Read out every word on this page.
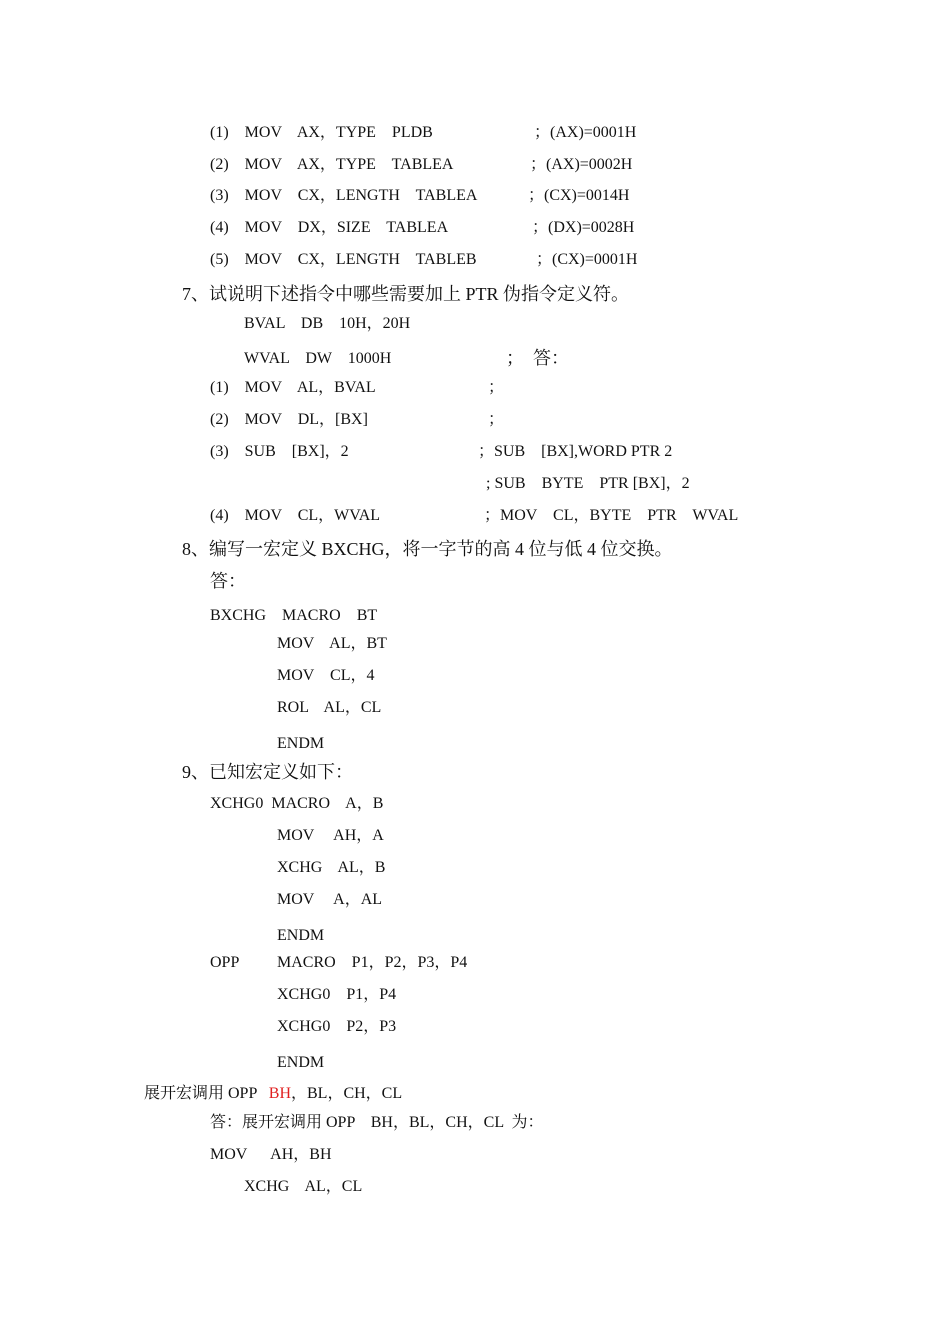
(1)    MOV    AX，TYPE    PLDB	；(AX)=0001H
(2)    MOV    AX，TYPE    TABLEA	；(AX)=0002H
(3)    MOV    CX，LENGTH    TABLEA	；(CX)=0014H
(4)    MOV    DX，SIZE    TABLEA	；(DX)=0028H
(5)    MOV    CX，LENGTH    TABLEB	；(CX)=0001H
7、试说明下述指令中哪些需要加上 PTR 伪指令定义符。
BVAL    DB    10H，20H
WVAL    DW    1000H	；  答：
(1)    MOV    AL，BVAL	；
(2)    MOV    DL，[BX]	；
(3)    SUB    [BX]，2	；SUB    [BX],WORD PTR 2
; SUB    BYTE    PTR [BX]，2
(4)    MOV    CL，WVAL	；MOV    CL，BYTE    PTR    WVAL
8、编写一宏定义 BXCHG，将一字节的高 4 位与低 4 位交换。
答：
BXCHG    MACRO    BT
MOV    AL，BT
MOV    CL，4
ROL    AL，CL
ENDM
9、已知宏定义如下：
XCHG0  MACRO    A，B
MOV     AH，A
XCHG    AL，B
MOV     A，AL
ENDM
OPP MACRO    P1，P2，P3，P4
XCHG0    P1，P4
XCHG0    P2，P3
ENDM
展开宏调用 OPP   BH，BL，CH，CL
答：展开宏调用 OPP    BH，BL，CH，CL  为：
MOV      AH，BH
XCHG    AL，CL
